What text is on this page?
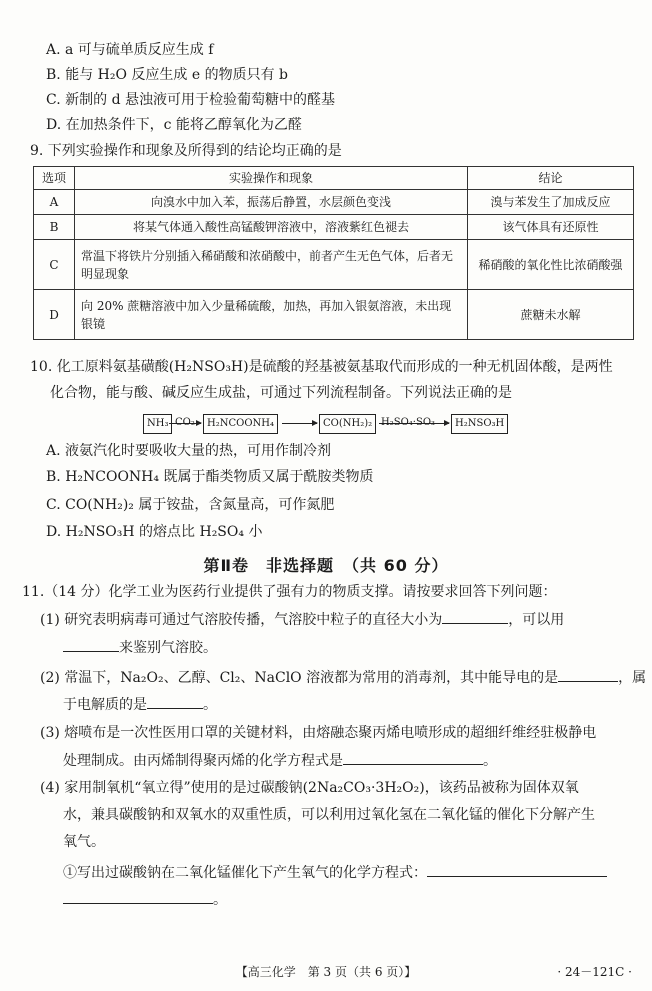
A. a 可与硫单质反应生成 f
B. 能与 H₂O 反应生成 e 的物质只有 b
C. 新制的 d 悬浊液可用于检验葡萄糖中的醛基
D. 在加热条件下，c 能将乙醇氧化为乙醛
9. 下列实验操作和现象及所得到的结论均正确的是
选项	实验操作和现象	结论
A	向溴水中加入苯，振荡后静置，水层颜色变浅	溴与苯发生了加成反应
B	将某气体通入酸性高锰酸钾溶液中，溶液紫红色褪去	该气体具有还原性
C	常温下将铁片分别插入稀硝酸和浓硝酸中，前者产生无色气体，后者无明显现象	稀硝酸的氧化性比浓硝酸强
D	向 20% 蔗糖溶液中加入少量稀硫酸，加热，再加入银氨溶液，未出现银镜	蔗糖未水解
10. 化工原料氨基磺酸(H₂NSO₃H)是硫酸的羟基被氨基取代而形成的一种无机固体酸，是两性
化合物，能与酸、碱反应生成盐，可通过下列流程制备。下列说法正确的是
NH₃ CO₂	H₂NCOONH₄	CO(NH₂)₂ H₂SO₄·SO₃	H₂NSO₃H
A. 液氨汽化时要吸收大量的热，可用作制冷剂
B. H₂NCOONH₄ 既属于酯类物质又属于酰胺类物质
C. CO(NH₂)₂ 属于铵盐，含氮量高，可作氮肥
D. H₂NSO₃H 的熔点比 H₂SO₄ 小
第Ⅱ卷　非选择题　（共 60 分）
11.（14 分）化学工业为医药行业提供了强有力的物质支撑。请按要求回答下列问题：
(1) 研究表明病毒可通过气溶胶传播，气溶胶中粒子的直径大小为	，可以用
来鉴别气溶胶。
(2) 常温下，Na₂O₂、乙醇、Cl₂、NaClO 溶液都为常用的消毒剂，其中能导电的是	，属
于电解质的是	。
(3) 熔喷布是一次性医用口罩的关键材料，由熔融态聚丙烯电喷形成的超细纤维经驻极静电
处理制成。由丙烯制得聚丙烯的化学方程式是	。
(4) 家用制氧机“氧立得”使用的是过碳酸钠(2Na₂CO₃·3H₂O₂)，该药品被称为固体双氧
水，兼具碳酸钠和双氧水的双重性质，可以利用过氧化氢在二氧化锰的催化下分解产生
氧气。
①写出过碳酸钠在二氧化锰催化下产生氧气的化学方程式：
。
【高三化学　第 3 页（共 6 页）】	· 24－121C ·
